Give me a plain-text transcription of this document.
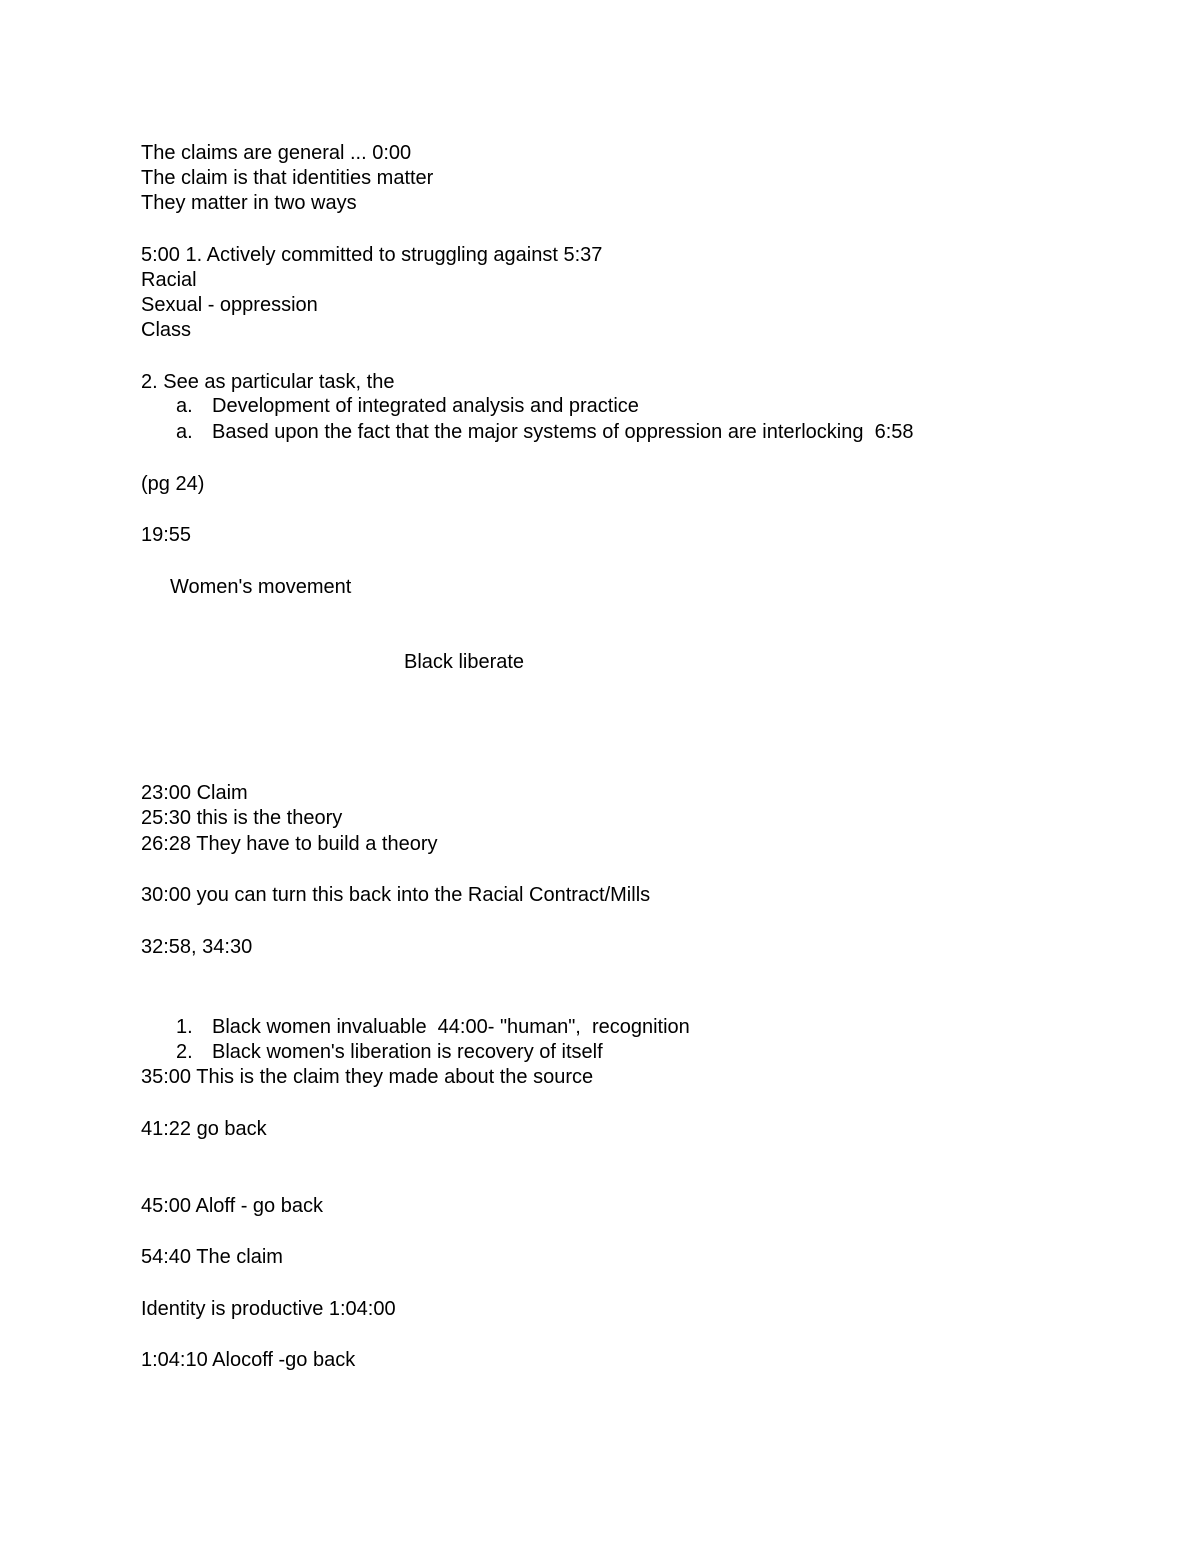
The claims are general ... 0:00

The claim is that identities matter

They matter in two ways

5:00 1. Actively committed to struggling against 5:37

Racial

Sexual - oppression

Class

2. See as particular task, the

a. Development of integrated analysis and practice
a. Based upon the fact that the major systems of oppression are interlocking  6:58

(pg 24)

19:55

Women's movement

Black liberate

23:00 Claim

25:30 this is the theory

26:28 They have to build a theory

30:00 you can turn this back into the Racial Contract/Mills

32:58, 34:30

1. Black women invaluable  44:00- "human",  recognition
2. Black women's liberation is recovery of itself

35:00 This is the claim they made about the source

41:22 go back

45:00 Aloff - go back

54:40 The claim

Identity is productive 1:04:00

1:04:10 Alocoff -go back
